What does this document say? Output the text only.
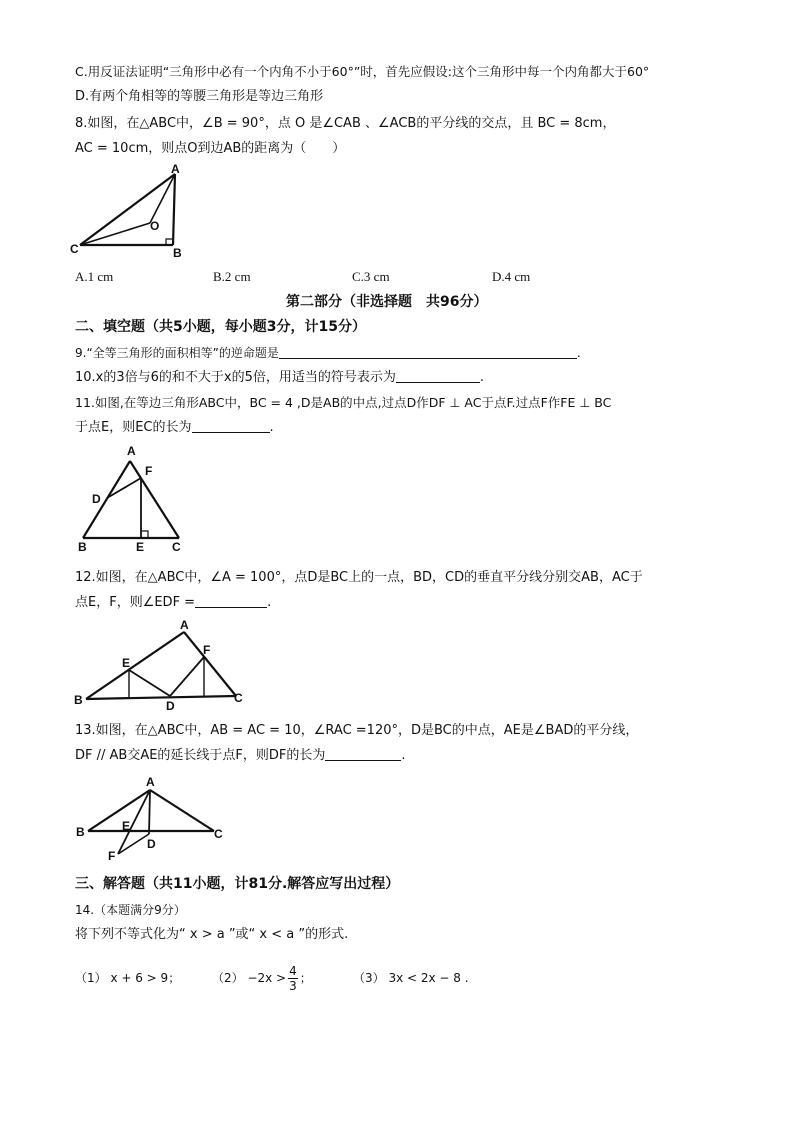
C.用反证法证明“三角形中必有一个内角不小于60°”时，首先应假设:这个三角形中每一个内角都大于60°
D.有两个角相等的等腰三角形是等边三角形
8.如图，在△ABC中，∠B = 90°，点 O 是∠CAB 、∠ACB的平分线的交点，且 BC = 8cm，
AC = 10cm，则点O到边AB的距离为（　　）
A
O
C	B
A.1 cm	B.2 cm	C.3 cm	D.4 cm
第二部分（非选择题　共96分）
二、填空题（共5小题，每小题3分，计15分）
9.“全等三角形的面积相等”的逆命题是	.
10.x的3倍与6的和不大于x的5倍，用适当的符号表示为	.
11.如图,在等边三角形ABC中，BC = 4 ,D是AB的中点,过点D作DF ⊥ AC于点F.过点F作FE ⊥ BC
于点E，则EC的长为	.
A
F
D
B	E C
12.如图，在△ABC中，∠A = 100°，点D是BC上的一点，BD，CD的垂直平分线分别交AB，AC于
点E，F，则∠EDF =	.
A
E
F
B	D
C
13.如图，在△ABC中，AB = AC = 10，∠RAC =120°，D是BC的中点，AE是∠BAD的平分线，
DF // AB交AE的延长线于点F，则DF的长为	.
A
B	E
D
C
F
三、解答题（共11小题，计81分.解答应写出过程）
14.（本题满分9分）
将下列不等式化为“ x > a ”或“ x < a ”的形式.
（1） x + 6 > 9；	$(2) -2x > \frac{4}{3}$ ；	（3） 3x < 2x − 8 .
